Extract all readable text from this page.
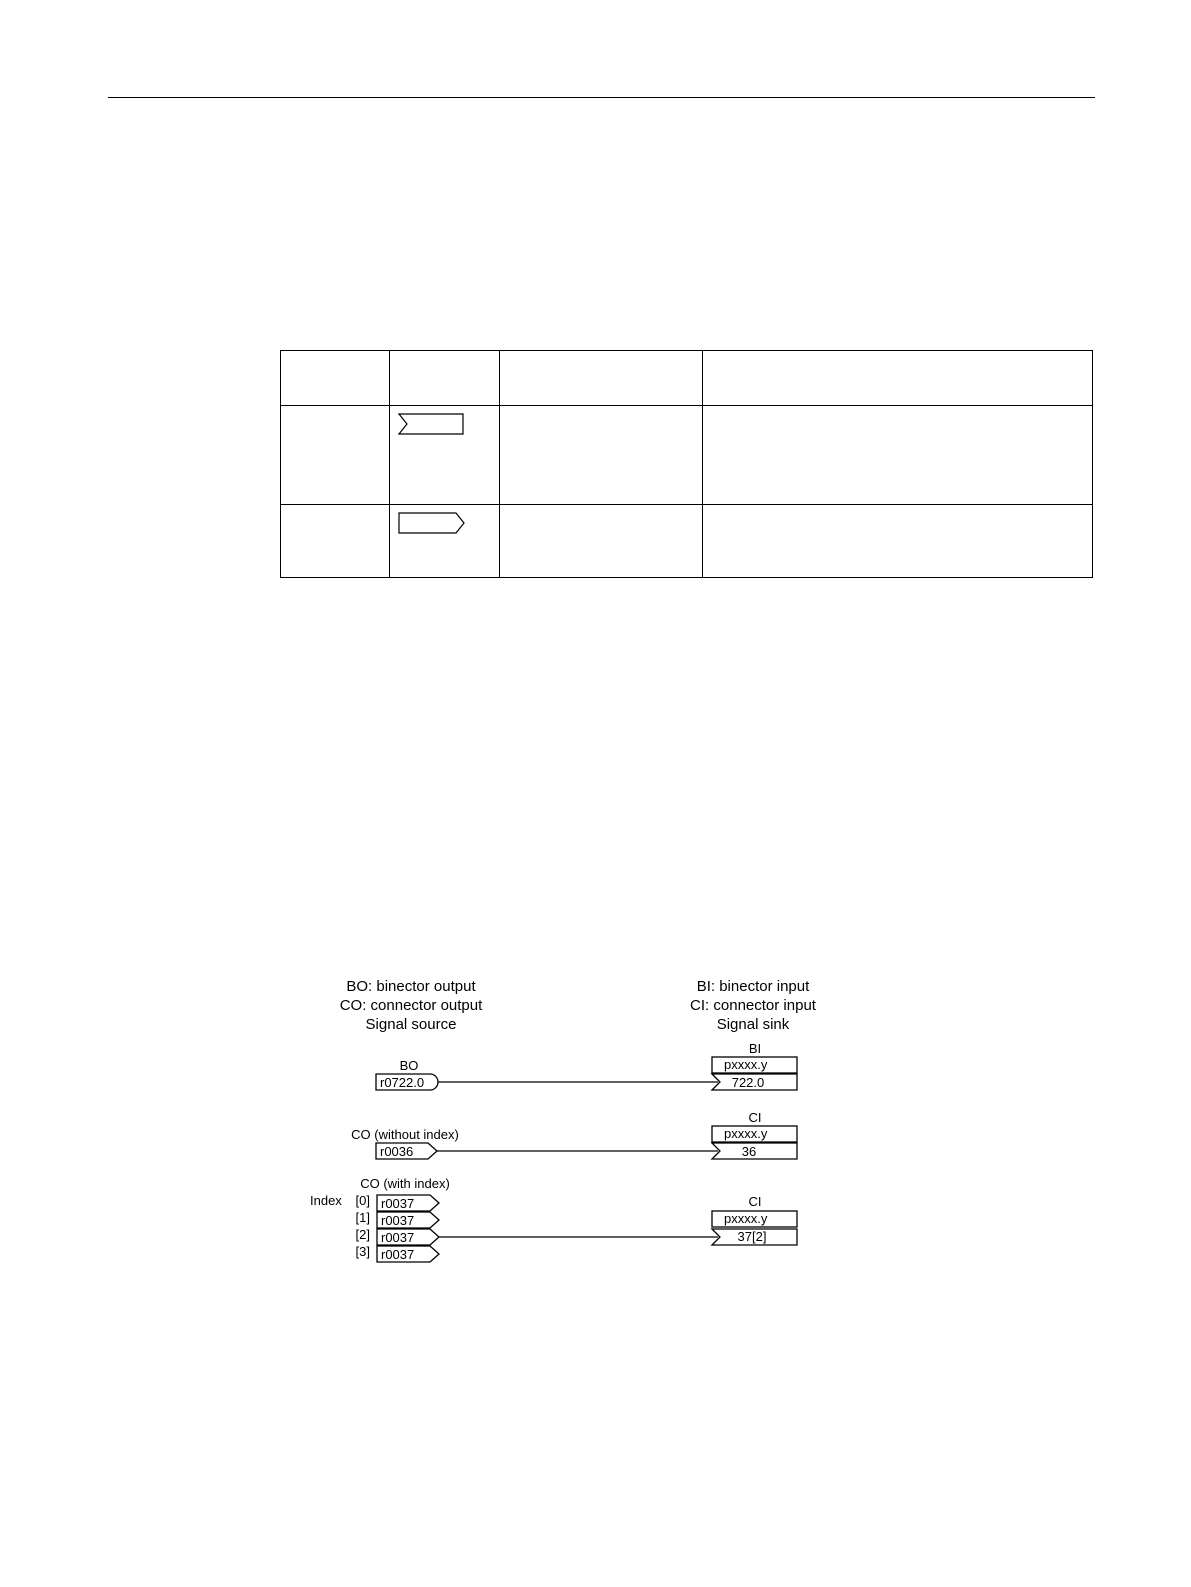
BO: binector output
CO: connector output
Signal source
BI: binector input
CI: connector input
Signal sink
BO
r0722.0
BI
pxxxx.y
722.0
CO (without index)
r0036
CI
pxxxx.y
36
CO (with index)
Index [0]
[1]
[2]
[3]
r0037
r0037
r0037
r0037
CI
pxxxx.y
37[2]
